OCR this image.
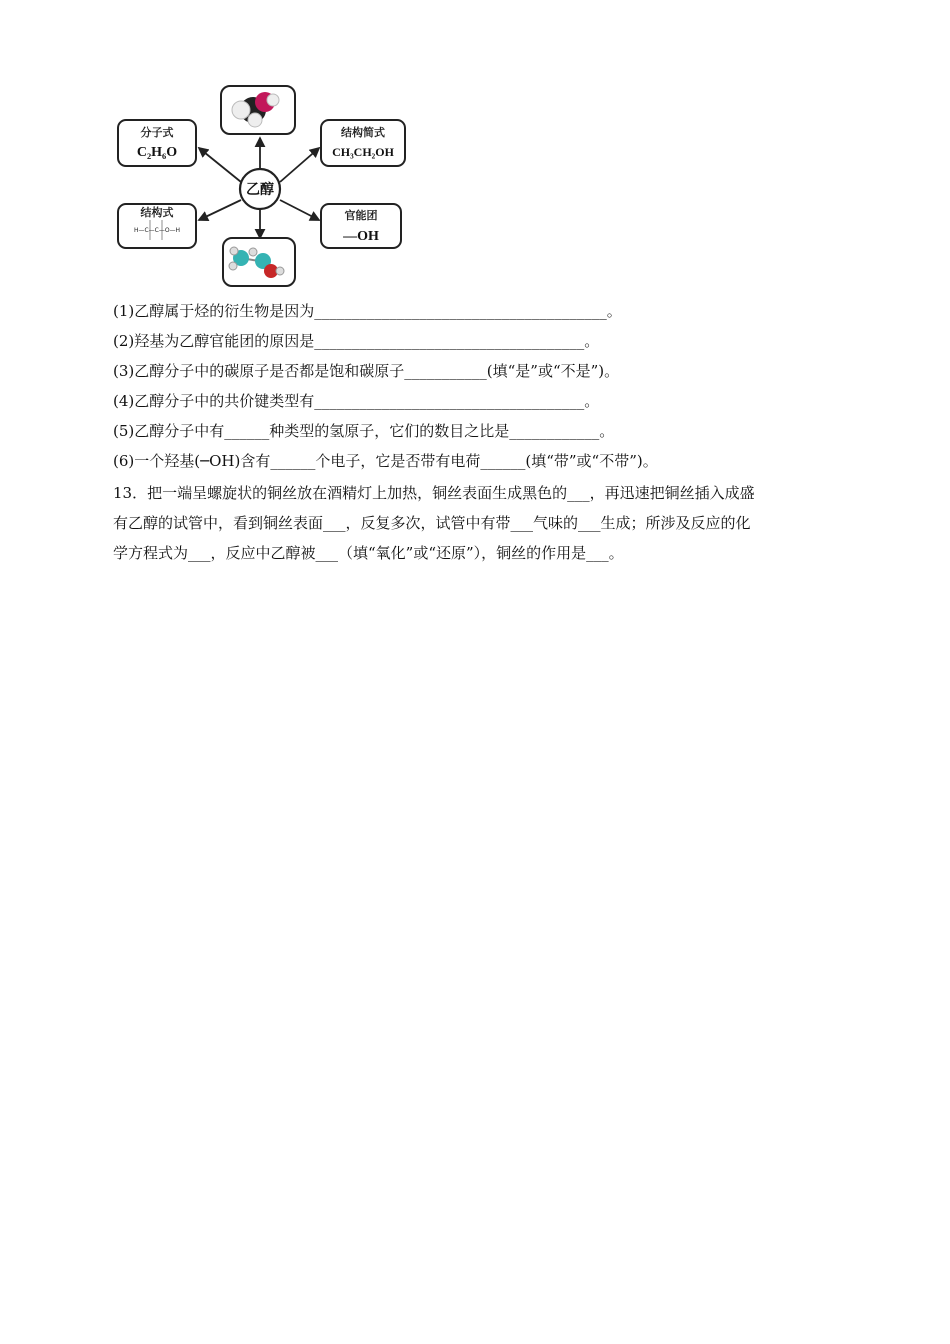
乙醇
分子式
C₂H₆O
结构简式
CH₃CH₂OH
结构式
H—C—C—O—H
官能团
—OH
(1)乙醇属于烃的衍生物是因为_______________________________________。
(2)羟基为乙醇官能团的原因是____________________________________。
(3)乙醇分子中的碳原子是否都是饱和碳原子___________(填“是”或“不是”)。
(4)乙醇分子中的共价键类型有____________________________________。
(5)乙醇分子中有______种类型的氢原子，它们的数目之比是____________。
(6)一个羟基(─OH)含有______个电子，它是否带有电荷______(填“带”或“不带”)。

13．把一端呈螺旋状的铜丝放在酒精灯上加热，铜丝表面生成黑色的___，再迅速把铜丝插入成盛

有乙醇的试管中，看到铜丝表面___，反复多次，试管中有带___气味的___生成；所涉及反应的化

学方程式为___，反应中乙醇被___（填“氧化”或“还原”），铜丝的作用是___。
